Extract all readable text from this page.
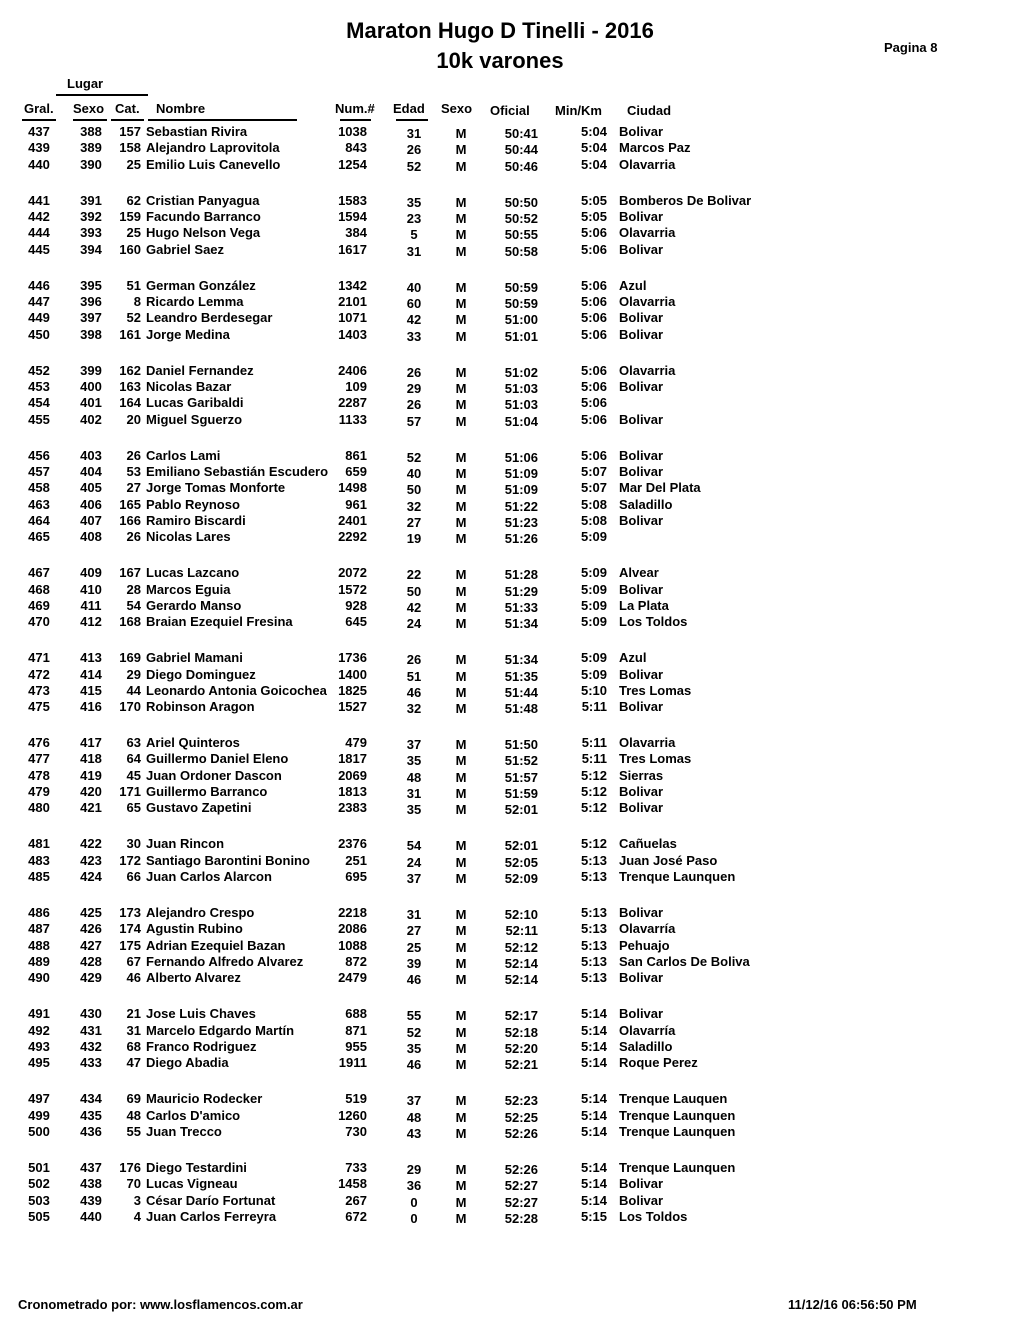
Maraton Hugo D Tinelli - 2016
10k varones
Pagina 8
Lugar
Gral. Sexo Cat. Nombre	Num.# Edad Sexo Oficial Min/Km Ciudad
437	388	157 Sebastian Rivira	1038	31	M	50:41	5:04 Bolivar
439	389	158 Alejandro Laprovitola	843	26	M	50:44	5:04 Marcos Paz
440	390	25 Emilio Luis Canevello	1254	52	M	50:46	5:04 Olavarria
441	391	62 Cristian Panyagua	1583	35	M	50:50	5:05 Bomberos De Bolivar
442	392	159 Facundo Barranco	1594	23	M	50:52	5:05 Bolivar
444	393	25 Hugo Nelson Vega	384	5	M	50:55	5:06 Olavarria
445	394	160 Gabriel Saez	1617	31	M	50:58	5:06 Bolivar
446	395	51 German González	1342	40	M	50:59	5:06 Azul
447	396	8 Ricardo Lemma	2101	60	M	50:59	5:06 Olavarria
449	397	52 Leandro Berdesegar	1071	42	M	51:00	5:06 Bolivar
450	398	161 Jorge Medina	1403	33	M	51:01	5:06 Bolivar
452	399	162 Daniel Fernandez	2406	26	M	51:02	5:06 Olavarria
453	400	163 Nicolas Bazar	109	29	M	51:03	5:06 Bolivar
454	401	164 Lucas Garibaldi	2287	26	M	51:03	5:06
455	402	20 Miguel Sguerzo	1133	57	M	51:04	5:06 Bolivar
456	403	26 Carlos Lami	861	52	M	51:06	5:06 Bolivar
457	404	53 Emiliano Sebastián Escudero	659	40	M	51:09	5:07 Bolivar
458	405	27 Jorge Tomas Monforte	1498	50	M	51:09	5:07 Mar Del Plata
463	406	165 Pablo Reynoso	961	32	M	51:22	5:08 Saladillo
464	407	166 Ramiro Biscardi	2401	27	M	51:23	5:08 Bolivar
465	408	26 Nicolas Lares	2292	19	M	51:26	5:09
467	409	167 Lucas Lazcano	2072	22	M	51:28	5:09 Alvear
468	410	28 Marcos Eguia	1572	50	M	51:29	5:09 Bolivar
469	411	54 Gerardo Manso	928	42	M	51:33	5:09 La Plata
470	412	168 Braian Ezequiel Fresina	645	24	M	51:34	5:09 Los Toldos
471	413	169 Gabriel Mamani	1736	26	M	51:34	5:09 Azul
472	414	29 Diego Dominguez	1400	51	M	51:35	5:09 Bolivar
473	415	44 Leonardo Antonia Goicochea 1825	46	M	51:44	5:10 Tres Lomas
475	416	170 Robinson Aragon	1527	32	M	51:48	5:11 Bolivar
476	417	63 Ariel Quinteros	479	37	M	51:50	5:11 Olavarria
477	418	64 Guillermo Daniel Eleno	1817	35	M	51:52	5:11 Tres Lomas
478	419	45 Juan Ordoner Dascon	2069	48	M	51:57	5:12 Sierras
479	420	171 Guillermo Barranco	1813	31	M	51:59	5:12 Bolivar
480	421	65 Gustavo Zapetini	2383	35	M	52:01	5:12 Bolivar
481	422	30 Juan Rincon	2376	54	M	52:01	5:12 Cañuelas
483	423	172 Santiago Barontini Bonino	251	24	M	52:05	5:13 Juan José Paso
485	424	66 Juan Carlos Alarcon	695	37	M	52:09	5:13 Trenque Launquen
486	425	173 Alejandro Crespo	2218	31	M	52:10	5:13 Bolivar
487	426	174 Agustin Rubino	2086	27	M	52:11	5:13 Olavarría
488	427	175 Adrian Ezequiel Bazan	1088	25	M	52:12	5:13 Pehuajo
489	428	67 Fernando Alfredo Alvarez	872	39	M	52:14	5:13 San Carlos De Boliva
490	429	46 Alberto Alvarez	2479	46	M	52:14	5:13 Bolivar
491	430	21 Jose Luis Chaves	688	55	M	52:17	5:14 Bolivar
492	431	31 Marcelo Edgardo Martín	871	52	M	52:18	5:14 Olavarría
493	432	68 Franco Rodriguez	955	35	M	52:20	5:14 Saladillo
495	433	47 Diego Abadia	1911	46	M	52:21	5:14 Roque Perez
497	434	69 Mauricio Rodecker	519	37	M	52:23	5:14 Trenque Lauquen
499	435	48 Carlos D'amico	1260	48	M	52:25	5:14 Trenque Launquen
500	436	55 Juan Trecco	730	43	M	52:26	5:14 Trenque Launquen
501	437	176 Diego Testardini	733	29	M	52:26	5:14 Trenque Launquen
502	438	70 Lucas Vigneau	1458	36	M	52:27	5:14 Bolivar
503	439	3 César Darío Fortunat	267	0	M	52:27	5:14 Bolivar
505	440	4 Juan Carlos Ferreyra	672	0	M	52:28	5:15 Los Toldos
Cronometrado por: www.losflamencos.com.ar	11/12/16 06:56:50 PM
